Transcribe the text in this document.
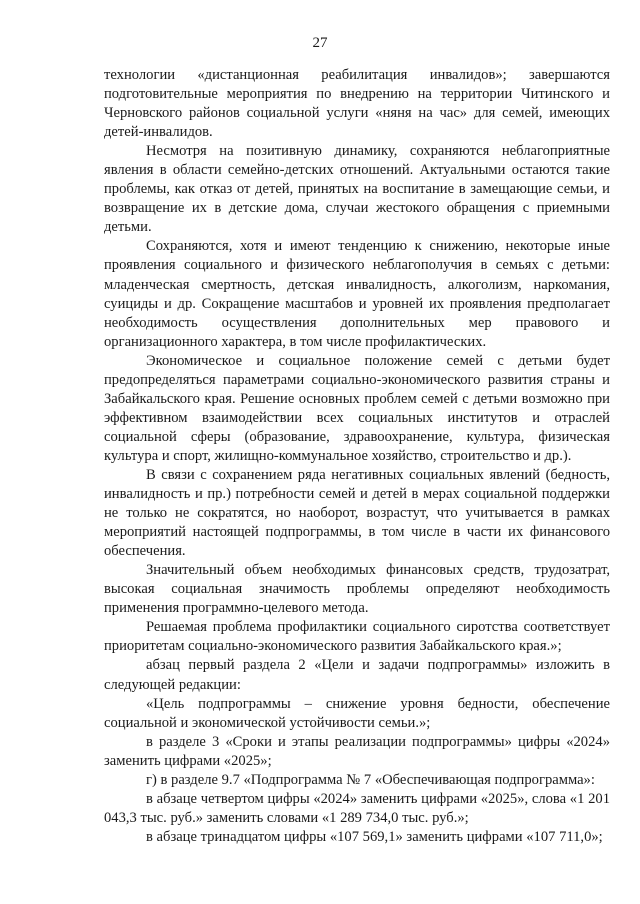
27

технологии «дистанционная реабилитация инвалидов»; завершаются подготовительные мероприятия по внедрению на территории Читинского и Черновского районов социальной услуги «няня на час» для семей, имеющих детей-инвалидов.

Несмотря на позитивную динамику, сохраняются неблагоприятные явления в области семейно-детских отношений. Актуальными остаются такие проблемы, как отказ от детей, принятых на воспитание в замещающие семьи, и возвращение их в детские дома, случаи жестокого обращения с приемными детьми.

Сохраняются, хотя и имеют тенденцию к снижению, некоторые иные проявления социального и физического неблагополучия в семьях с детьми: младенческая смертность, детская инвалидность, алкоголизм, наркомания, суициды и др. Сокращение масштабов и уровней их проявления предполагает необходимость осуществления дополнительных мер правового и организационного характера, в том числе профилактических.

Экономическое и социальное положение семей с детьми будет предопределяться параметрами социально-экономического развития страны и Забайкальского края. Решение основных проблем семей с детьми возможно при эффективном взаимодействии всех социальных институтов и отраслей социальной сферы (образование, здравоохранение, культура, физическая культура и спорт, жилищно-коммунальное хозяйство, строительство и др.).

В связи с сохранением ряда негативных социальных явлений (бедность, инвалидность и пр.) потребности семей и детей в мерах социальной поддержки не только не сократятся, но наоборот, возрастут, что учитывается в рамках мероприятий настоящей подпрограммы, в том числе в части их финансового обеспечения.

Значительный объем необходимых финансовых средств, трудозатрат, высокая социальная значимость проблемы определяют необходимость применения программно-целевого метода.

Решаемая проблема профилактики социального сиротства соответствует приоритетам социально-экономического развития Забайкальского края.»;

абзац первый раздела 2 «Цели и задачи подпрограммы» изложить в следующей редакции:

«Цель подпрограммы – снижение уровня бедности, обеспечение социальной и экономической устойчивости семьи.»;

в разделе 3 «Сроки и этапы реализации подпрограммы» цифры «2024» заменить цифрами «2025»;

г) в разделе 9.7 «Подпрограмма № 7 «Обеспечивающая подпрограмма»:

в абзаце четвертом цифры «2024» заменить цифрами «2025», слова «1 201 043,3 тыс. руб.» заменить словами «1 289 734,0 тыс. руб.»;

в абзаце тринадцатом цифры «107 569,1» заменить цифрами «107 711,0»;
